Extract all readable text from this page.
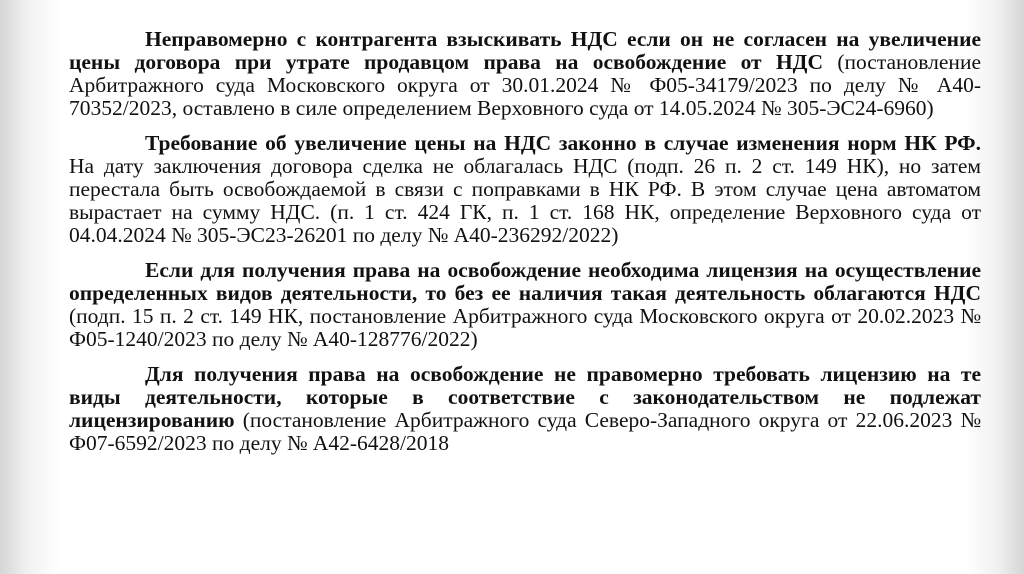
Неправомерно с контрагента взыскивать НДС если он не согласен на увеличение цены договора при утрате продавцом права на освобождение от НДС (постановление Арбитражного суда Московского округа от 30.01.2024 № Ф05-34179/2023 по делу № А40-70352/2023, оставлено в силе определением Верховного суда от 14.05.2024 № 305-ЭС24-6960)

Требование об увеличение цены на НДС законно в случае изменения норм НК РФ. На дату заключения договора сделка не облагалась НДС (подп. 26 п. 2 ст. 149 НК), но затем перестала быть освобождаемой в связи с поправками в НК РФ. В этом случае цена автоматом вырастает на сумму НДС. (п. 1 ст. 424 ГК, п. 1 ст. 168 НК, определение Верховного суда от 04.04.2024 № 305-ЭС23-26201 по делу № А40-236292/2022)

Если для получения права на освобождение необходима лицензия на осуществление определенных видов деятельности, то без ее наличия такая деятельность облагаются НДС (подп. 15 п. 2 ст. 149 НК, постановление Арбитражного суда Московского округа от 20.02.2023 № Ф05-1240/2023 по делу № А40-128776/2022)

Для получения права на освобождение не правомерно требовать лицензию на те виды деятельности, которые в соответствие с законодательством не подлежат лицензированию (постановление Арбитражного суда Северо-Западного округа от 22.06.2023 № Ф07-6592/2023 по делу № А42-6428/2018
